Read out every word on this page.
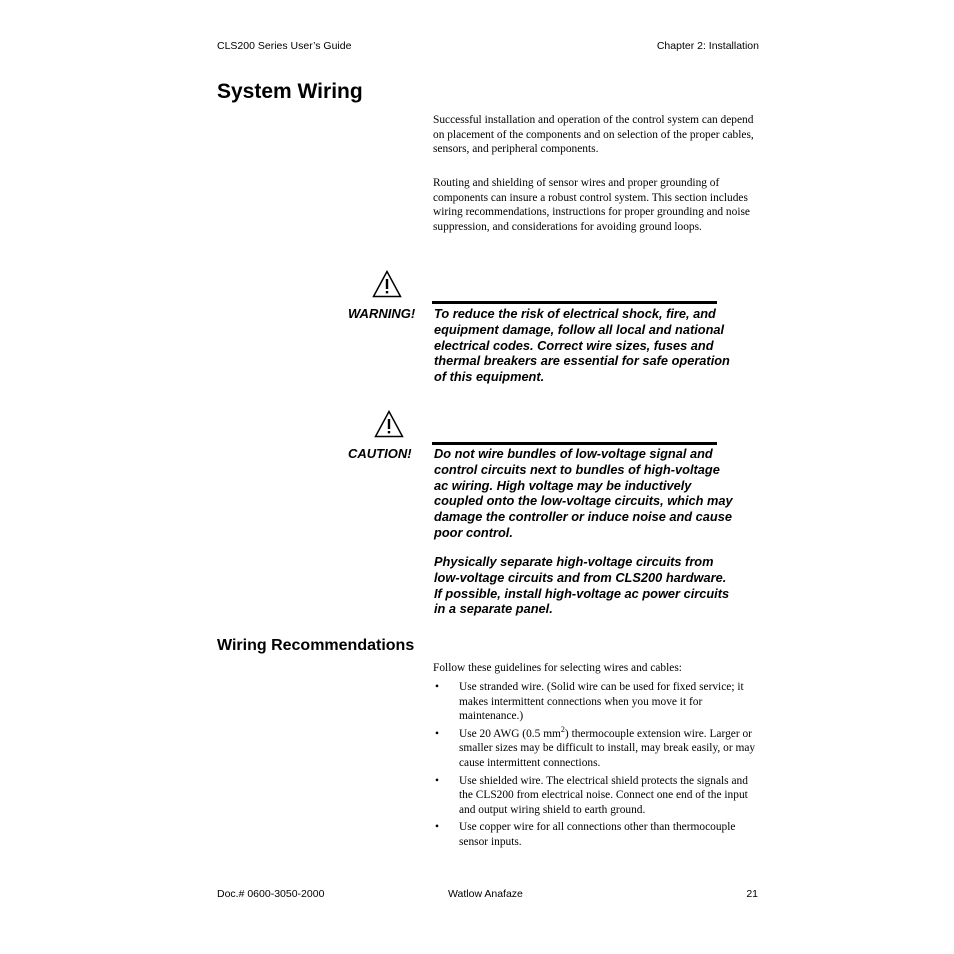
CLS200 Series User’s Guide	Chapter 2: Installation
System Wiring
Successful installation and operation of the control system can depend on placement of the components and on selection of the proper cables, sensors, and peripheral components.
Routing and shielding of sensor wires and proper grounding of components can insure a robust control system. This section includes wiring recommendations, instructions for proper grounding and noise suppression, and considerations for avoiding ground loops.
WARNING! To reduce the risk of electrical shock, fire, and equipment damage, follow all local and national electrical codes. Correct wire sizes, fuses and thermal breakers are essential for safe operation of this equipment.
CAUTION! Do not wire bundles of low-voltage signal and control circuits next to bundles of high-voltage ac wiring. High voltage may be inductively coupled onto the low-voltage circuits, which may damage the controller or induce noise and cause poor control.
Physically separate high-voltage circuits from low-voltage circuits and from CLS200 hardware. If possible, install high-voltage ac power circuits in a separate panel.
Wiring Recommendations
Follow these guidelines for selecting wires and cables:
• Use stranded wire. (Solid wire can be used for fixed service; it makes intermittent connections when you move it for maintenance.)
• Use 20 AWG (0.5 $mm^2$) thermocouple extension wire. Larger or smaller sizes may be difficult to install, may break easily, or may cause intermittent connections.
• Use shielded wire. The electrical shield protects the signals and the CLS200 from electrical noise. Connect one end of the input and output wiring shield to earth ground.
• Use copper wire for all connections other than thermocouple sensor inputs.
Doc.# 0600-3050-2000	Watlow Anafaze	21
